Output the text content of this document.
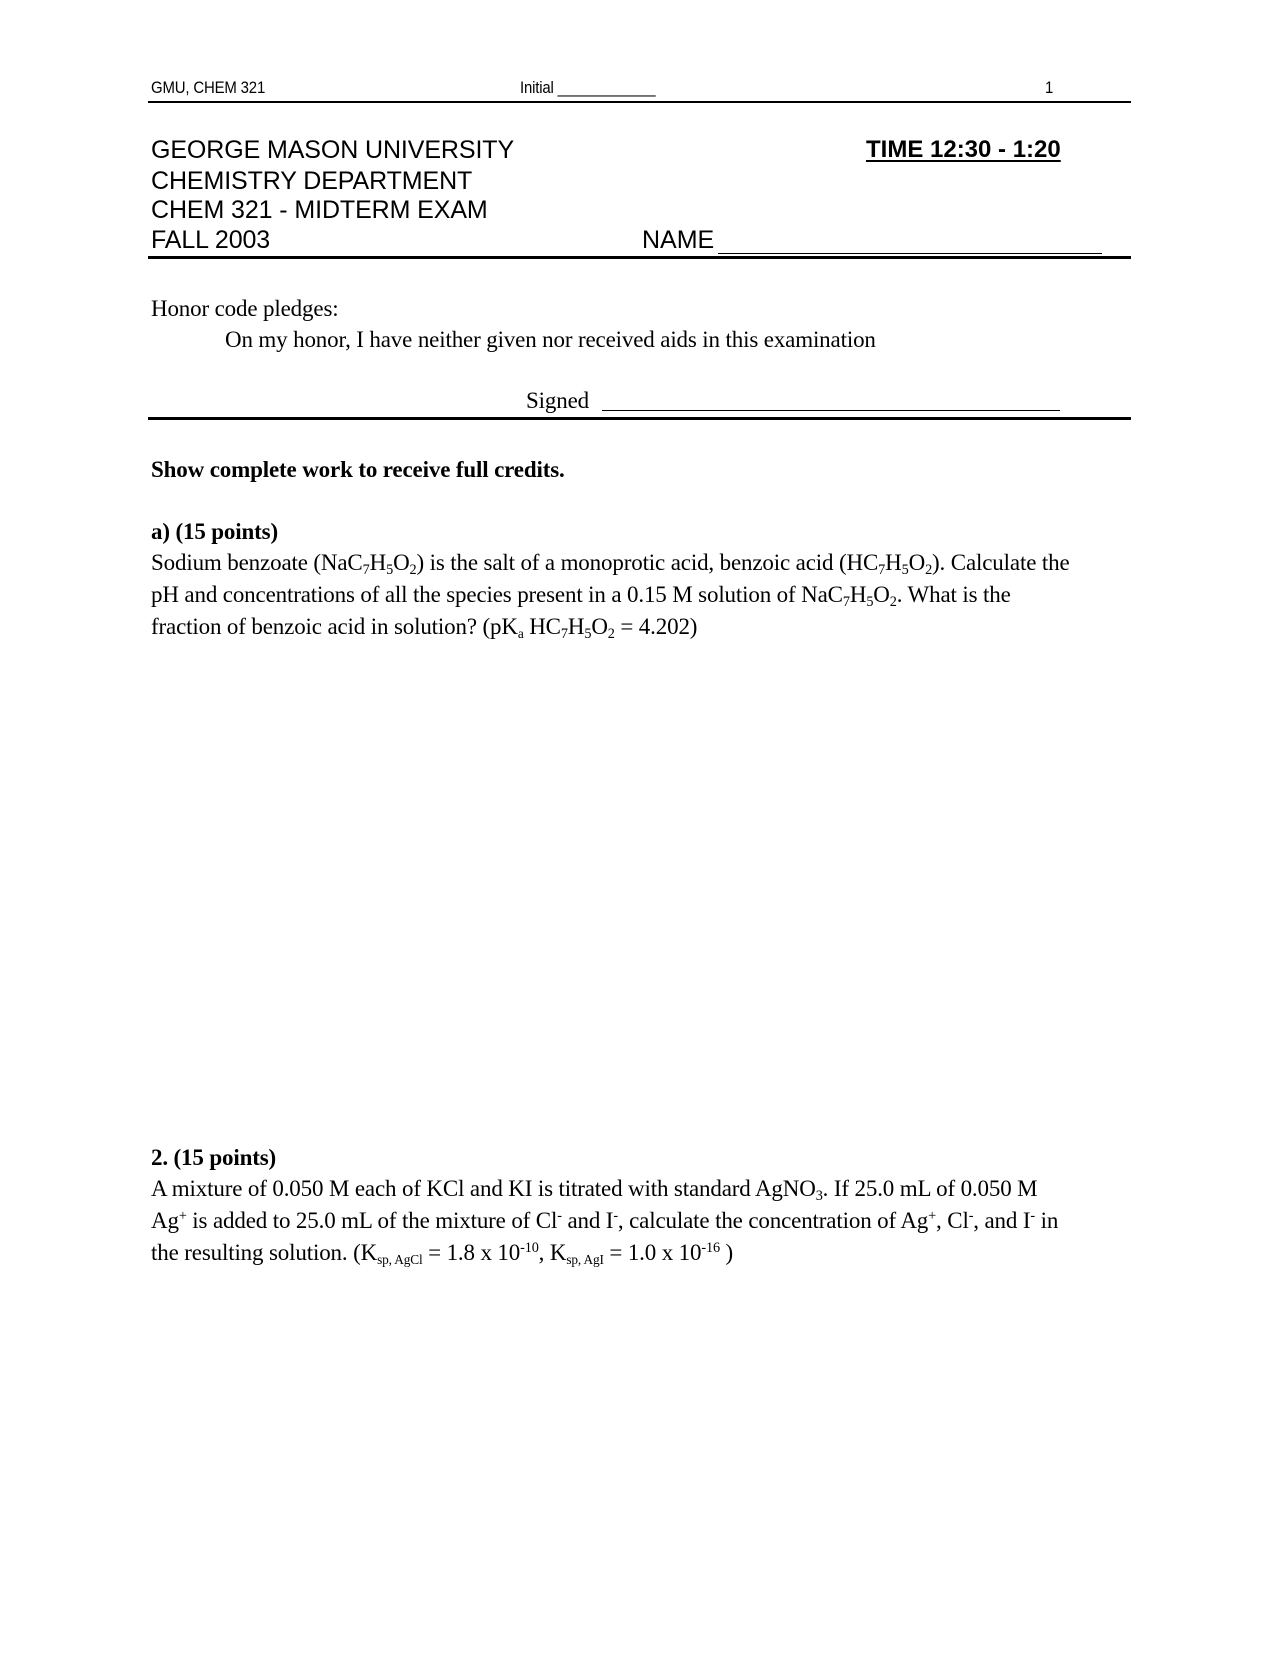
GMU, CHEM 321	Initial ____________	1
GEORGE MASON UNIVERSITY
CHEMISTRY DEPARTMENT
CHEM 321 - MIDTERM EXAM
FALL 2003
TIME 12:30 - 1:20
NAME
Honor code pledges:
On my honor, I have neither given nor received aids in this examination
Signed
Show complete work to receive full credits.
a) (15 points)
Sodium benzoate $(NaC_7H_5O_2)$ is the salt of a monoprotic acid, benzoic acid $(HC_7H_5O_2)$. Calculate the
pH and concentrations of all the species present in a 0.15 M solution of $NaC_7H_5O_2$. What is the
fraction of benzoic acid in solution? (pKa $HC_7H_5O_2 = 4.202$)
2. (15 points)
A mixture of 0.050 M each of KCl and KI is titrated with standard AgNO$_3$. If 25.0 mL of 0.050 M
Ag+ is added to 25.0 mL of the mixture of Cl- and I-, calculate the concentration of Ag+, Cl-, and I- in
the resulting solution. (Ksp, AgCl = 1.8 x $10^{-10}$, Ksp, AgI = 1.0 x $10^{-16}$ )
